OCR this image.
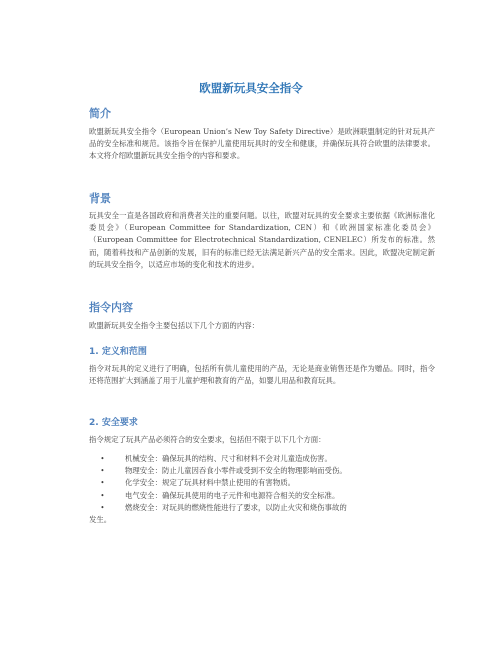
欧盟新玩具安全指令
简介

欧盟新玩具安全指令（European Union’s New Toy Safety Directive）是欧洲联盟制定的针对玩具产品的安全标准和规范。该指令旨在保护儿童使用玩具时的安全和健康，并确保玩具符合欧盟的法律要求。本文将介绍欧盟新玩具安全指令的内容和要求。

背景

玩具安全一直是各国政府和消费者关注的重要问题。以往，欧盟对玩具的安全要求主要依据《欧洲标准化委员会》（European Committee for Standardization, CEN）和《欧洲国家标准化委员会》（European Committee for Electrotechnical Standardization, CENELEC）所发布的标准。然而，随着科技和产品创新的发展，旧有的标准已经无法满足新兴产品的安全需求。因此，欧盟决定制定新的玩具安全指令，以适应市场的变化和技术的进步。

指令内容

欧盟新玩具安全指令主要包括以下几个方面的内容：

1. 定义和范围

指令对玩具的定义进行了明确，包括所有供儿童使用的产品，无论是商业销售还是作为赠品。同时，指令还将范围扩大到涵盖了用于儿童护理和教育的产品，如婴儿用品和教育玩具。

2. 安全要求

指令规定了玩具产品必须符合的安全要求，包括但不限于以下几个方面：

•	机械安全：确保玩具的结构、尺寸和材料不会对儿童造成伤害。
•	物理安全：防止儿童因吞食小零件或受到不安全的物理影响而受伤。
•	化学安全：规定了玩具材料中禁止使用的有害物质。
•	电气安全：确保玩具使用的电子元件和电源符合相关的安全标准。
•	燃烧安全：对玩具的燃烧性能进行了要求，以防止火灾和烧伤事故的
发生。
